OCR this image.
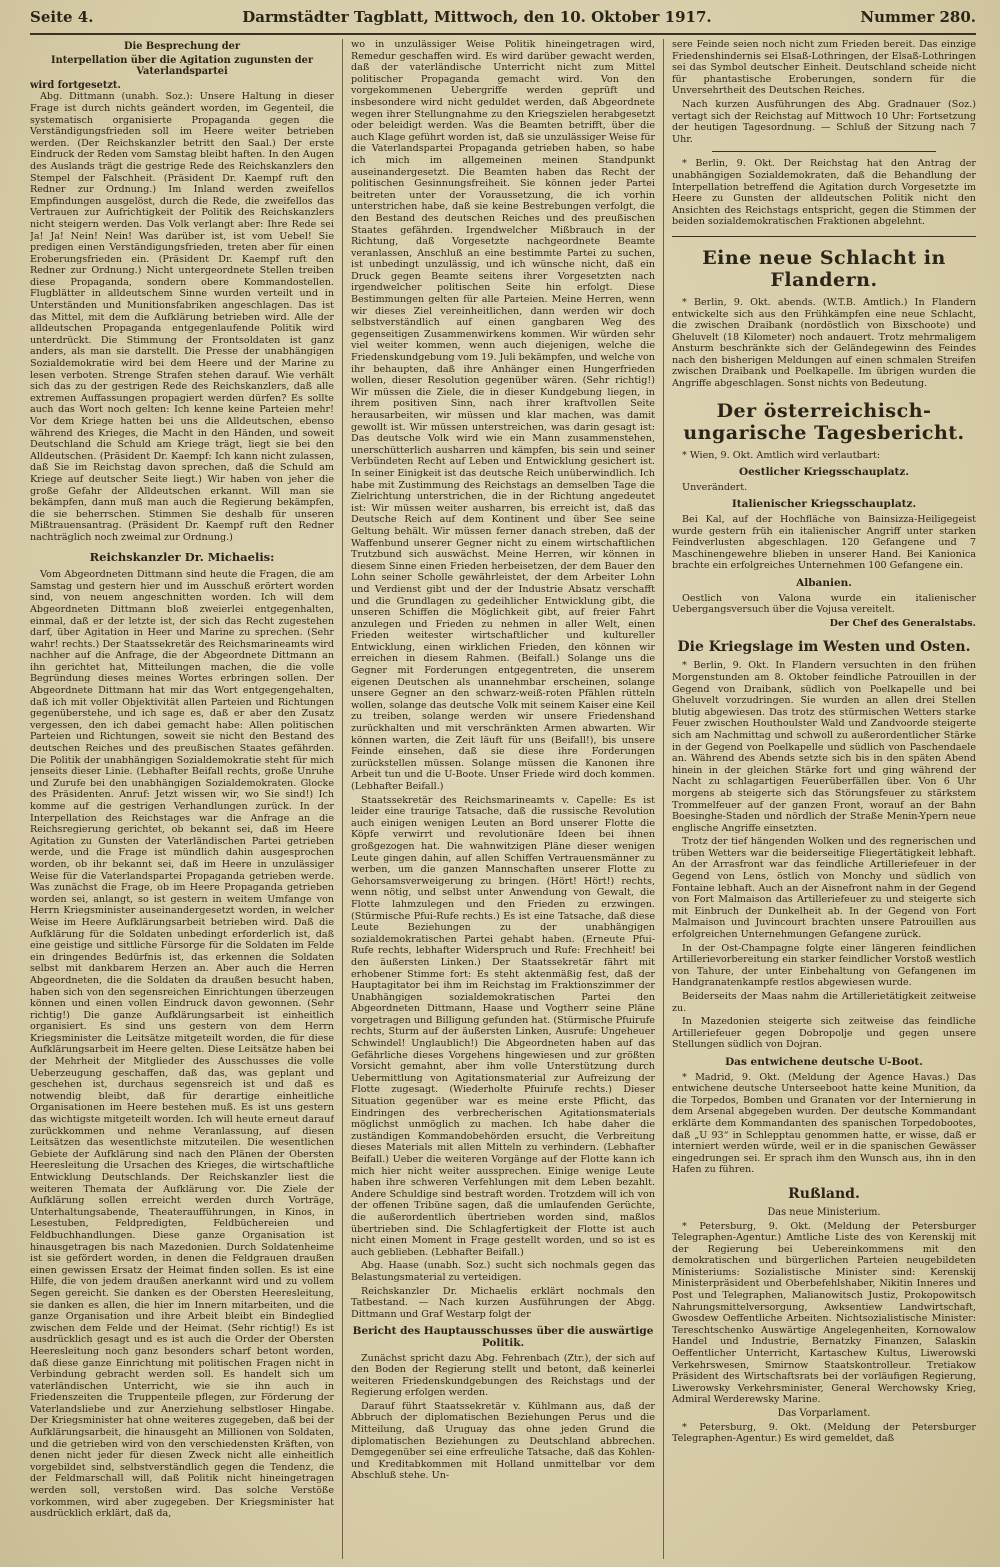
Seite 4.	Darmstädter Tagblatt, Mittwoch, den 10. Oktober 1917.	Nummer 280.
Die Besprechung der
Interpellation über die Agitation zugunsten der Vaterlandspartei
wird fortgesetzt.

Abg. Dittmann (unabh. Soz.): Unsere Haltung in dieser Frage ist durch nichts geändert worden, im Gegenteil, die systematisch organisierte Propaganda gegen die Verständigungsfrieden soll im Heere weiter betrieben werden. (Der Reichskanzler betritt den Saal.) Der erste Eindruck der Reden vom Samstag bleibt haften. In den Augen des Auslands trägt die gestrige Rede des Reichskanzlers den Stempel der Falschheit. (Präsident Dr. Kaempf ruft den Redner zur Ordnung.) Im Inland werden zweifellos Empfindungen ausgelöst, durch die Rede, die zweifellos das Vertrauen zur Aufrichtigkeit der Politik des Reichskanzlers nicht steigern werden. Das Volk verlangt aber: Ihre Rede sei Ja! Ja! Nein! Nein! Was darüber ist, ist vom Uebel! Sie predigen einen Verständigungsfrieden, treten aber für einen Eroberungsfrieden ein. (Präsident Dr. Kaempf ruft den Redner zur Ordnung.) Nicht untergeordnete Stellen treiben diese Propaganda, sondern obere Kommandostellen. Flugblätter in alldeutschem Sinne wurden verteilt und in Unterständen und Munitionsfabriken angeschlagen. Das ist das Mittel, mit dem die Aufklärung betrieben wird. Alle der alldeutschen Propaganda entgegenlaufende Politik wird unterdrückt. Die Stimmung der Frontsoldaten ist ganz anders, als man sie darstellt. Die Presse der unabhängigen Sozialdemokratie wird bei dem Heere und der Marine zu lesen verboten. Strenge Strafen stehen darauf. Wie verhält sich das zu der gestrigen Rede des Reichskanzlers, daß alle extremen Auffassungen propagiert werden dürfen? Es sollte auch das Wort noch gelten: Ich kenne keine Parteien mehr! Vor dem Kriege hatten bei uns die Alldeutschen, ebenso während des Krieges, die Macht in den Händen, und soweit Deutschland die Schuld am Kriege trägt, liegt sie bei den Alldeutschen. (Präsident Dr. Kaempf: Ich kann nicht zulassen, daß Sie im Reichstag davon sprechen, daß die Schuld am Kriege auf deutscher Seite liegt.) Wir haben von jeher die große Gefahr der Alldeutschen erkannt. Will man sie bekämpfen, dann muß man auch die Regierung bekämpfen, die sie beherrschen. Stimmen Sie deshalb für unseren Mißtrauensantrag. (Präsident Dr. Kaempf ruft den Redner nachträglich noch zweimal zur Ordnung.)

Reichskanzler Dr. Michaelis:

Vom Abgeordneten Dittmann sind heute die Fragen, die am Samstag und gestern hier und im Ausschuß erörtert worden sind, von neuem angeschnitten worden. Ich will dem Abgeordneten Dittmann bloß zweierlei entgegenhalten, einmal, daß er der letzte ist, der sich das Recht zugestehen darf, über Agitation in Heer und Marine zu sprechen. (Sehr wahr! rechts.) Der Staatssekretär des Reichsmarineamts wird nachher auf die Anfrage, die der Abgeordnete Dittmann an ihn gerichtet hat, Mitteilungen machen, die die volle Begründung dieses meines Wortes erbringen sollen. Der Abgeordnete Dittmann hat mir das Wort entgegengehalten, daß ich mit voller Objektivität allen Parteien und Richtungen gegenüberstehe, und ich sage es, daß er aber den Zusatz vergessen, den ich dabei gemacht habe: Allen politischen Parteien und Richtungen, soweit sie nicht den Bestand des deutschen Reiches und des preußischen Staates gefährden. Die Politik der unabhängigen Sozialdemokratie steht für mich jenseits dieser Linie. (Lebhafter Beifall rechts, große Unruhe und Zurufe bei den unabhängigen Sozialdemokraten. Glocke des Präsidenten. Anruf: Jetzt wissen wir, wo Sie sind!) Ich komme auf die gestrigen Verhandlungen zurück. In der Interpellation des Reichstages war die Anfrage an die Reichsregierung gerichtet, ob bekannt sei, daß im Heere Agitation zu Gunsten der Vaterländischen Partei getrieben werde, und die Frage ist mündlich dahin ausgesprochen worden, ob ihr bekannt sei, daß im Heere in unzulässiger Weise für die Vaterlandspartei Propaganda getrieben werde. Was zunächst die Frage, ob im Heere Propaganda getrieben worden sei, anlangt, so ist gestern in weitem Umfange von Herrn Kriegsminister auseinandergesetzt worden, in welcher Weise im Heere Aufklärungsarbeit betrieben wird. Daß die Aufklärung für die Soldaten unbedingt erforderlich ist, daß eine geistige und sittliche Fürsorge für die Soldaten im Felde ein dringendes Bedürfnis ist, das erkennen die Soldaten selbst mit dankbarem Herzen an. Aber auch die Herren Abgeordneten, die die Soldaten da draußen besucht haben, haben sich von den segensreichen Einrichtungen überzeugen können und einen vollen Eindruck davon gewonnen. (Sehr richtig!) Die ganze Aufklärungsarbeit ist einheitlich organisiert. Es sind uns gestern von dem Herrn Kriegsminister die Leitsätze mitgeteilt worden, die für diese Aufklärungsarbeit im Heere gelten. Diese Leitsätze haben bei der Mehrheit der Mitglieder des Ausschusses die volle Ueberzeugung geschaffen, daß das, was geplant und geschehen ist, durchaus segensreich ist und daß es notwendig bleibt, daß für derartige einheitliche Organisationen im Heere bestehen muß. Es ist uns gestern das wichtigste mitgeteilt worden. Ich will heute erneut darauf zurückkommen und nehme Veranlassung, auf diesen Leitsätzen das wesentlichste mitzuteilen. Die wesentlichen Gebiete der Aufklärung sind nach den Plänen der Obersten Heeresleitung die Ursachen des Krieges, die wirtschaftliche Entwicklung Deutschlands. Der Reichskanzler liest die weiteren Themata der Aufklärung vor. Die Ziele der Aufklärung sollen erreicht werden durch Vorträge, Unterhaltungsabende, Theateraufführungen, in Kinos, in Lesestuben, Feldpredigten, Feldbüchereien und Feldbuchhandlungen. Diese ganze Organisation ist hinausgetragen bis nach Mazedonien. Durch Soldatenheime ist sie gefördert worden, in denen die Feldgrauen draußen einen gewissen Ersatz der Heimat finden sollen. Es ist eine Hilfe, die von jedem draußen anerkannt wird und zu vollem Segen gereicht. Sie danken es der Obersten Heeresleitung, sie danken es allen, die hier im Innern mitarbeiten, und die ganze Organisation und ihre Arbeit bleibt ein Bindeglied zwischen dem Felde und der Heimat. (Sehr richtig!) Es ist ausdrücklich gesagt und es ist auch die Order der Obersten Heeresleitung noch ganz besonders scharf betont worden, daß diese ganze Einrichtung mit politischen Fragen nicht in Verbindung gebracht werden soll. Es handelt sich um vaterländischen Unterricht, wie sie ihn auch in Friedenszeiten die Truppenteile pflegen, zur Förderung der Vaterlandsliebe und zur Anerziehung selbstloser Hingabe. Der Kriegsminister hat ohne weiteres zugegeben, daß bei der Aufklärungsarbeit, die hinausgeht an Millionen von Soldaten, und die getrieben wird von den verschiedensten Kräften, von denen nicht jeder für diesen Zweck nicht alle einheitlich vorgebildet sind, selbstverständlich gegen die Tendenz, die der Feldmarschall will, daß Politik nicht hineingetragen werden soll, verstoßen wird. Das solche Verstöße vorkommen, wird aber zugegeben. Der Kriegsminister hat ausdrücklich erklärt, daß da,

wo in unzulässiger Weise Politik hineingetragen wird, Remedur geschaffen wird. Es wird darüber gewacht werden, daß der vaterländische Unterricht nicht zum Mittel politischer Propaganda gemacht wird. Von den vorgekommenen Uebergriffe werden geprüft und insbesondere wird nicht geduldet werden, daß Abgeordnete wegen ihrer Stellungnahme zu den Kriegszielen herabgesetzt oder beleidigt werden. Was die Beamten betrifft, über die auch Klage geführt worden ist, daß sie unzulässiger Weise für die Vaterlandspartei Propaganda getrieben haben, so habe ich mich im allgemeinen meinen Standpunkt auseinandergesetzt. Die Beamten haben das Recht der politischen Gesinnungsfreiheit. Sie können jeder Partei beitreten unter der Voraussetzung, die ich vorhin unterstrichen habe, daß sie keine Bestrebungen verfolgt, die den Bestand des deutschen Reiches und des preußischen Staates gefährden. Irgendwelcher Mißbrauch in der Richtung, daß Vorgesetzte nachgeordnete Beamte veranlassen, Anschluß an eine bestimmte Partei zu suchen, ist unbedingt unzulässig, und ich wünsche nicht, daß ein Druck gegen Beamte seitens ihrer Vorgesetzten nach irgendwelcher politischen Seite hin erfolgt. Diese Bestimmungen gelten für alle Parteien. Meine Herren, wenn wir dieses Ziel vereinheitlichen, dann werden wir doch selbstverständlich auf einen gangbaren Weg des gegenseitigen Zusammenwirkens kommen. Wir würden sehr viel weiter kommen, wenn auch diejenigen, welche die Friedenskundgebung vom 19. Juli bekämpfen, und welche von ihr behaupten, daß ihre Anhänger einen Hungerfrieden wollen, dieser Resolution gegenüber wären. (Sehr richtig!) Wir müssen die Ziele, die in dieser Kundgebung liegen, in ihrem positiven Sinn, nach ihrer kraftvollen Seite herausarbeiten, wir müssen und klar machen, was damit gewollt ist. Wir müssen unterstreichen, was darin gesagt ist: Das deutsche Volk wird wie ein Mann zusammenstehen, unerschütterlich ausharren und kämpfen, bis sein und seiner Verbündeten Recht auf Leben und Entwicklung gesichert ist. In seiner Einigkeit ist das deutsche Reich unüberwindlich. Ich habe mit Zustimmung des Reichstags an demselben Tage die Zielrichtung unterstrichen, die in der Richtung angedeutet ist: Wir müssen weiter ausharren, bis erreicht ist, daß das Deutsche Reich auf dem Kontinent und über See seine Geltung behält. Wir müssen ferner danach streben, daß der Waffenbund unserer Gegner nicht zu einem wirtschaftlichen Trutzbund sich auswächst. Meine Herren, wir können in diesem Sinne einen Frieden herbeisetzen, der dem Bauer den Lohn seiner Scholle gewährleistet, der dem Arbeiter Lohn und Verdienst gibt und der der Industrie Absatz verschafft und die Grundlagen zu gedeihlicher Entwicklung gibt, die unseren Schiffen die Möglichkeit gibt, auf freier Fahrt anzulegen und Frieden zu nehmen in aller Welt, einen Frieden weitester wirtschaftlicher und kultureller Entwicklung, einen wirklichen Frieden, den können wir erreichen in diesem Rahmen. (Beifall.) Solange uns die Gegner mit Forderungen entgegentreten, die unserem eigenen Deutschen als unannehmbar erscheinen, solange unsere Gegner an den schwarz-weiß-roten Pfählen rütteln wollen, solange das deutsche Volk mit seinem Kaiser eine Keil zu treiben, solange werden wir unsere Friedenshand zurückhalten und mit verschränkten Armen abwarten. Wir können warten, die Zeit läuft für uns (Beifall!), bis unsere Feinde einsehen, daß sie diese ihre Forderungen zurückstellen müssen. Solange müssen die Kanonen ihre Arbeit tun und die U-Boote. Unser Friede wird doch kommen. (Lebhafter Beifall.)

Staatssekretär des Reichsmarineamts v. Capelle: Es ist leider eine traurige Tatsache, daß die russische Revolution auch einigen wenigen Leuten an Bord unserer Flotte die Köpfe verwirrt und revolutionäre Ideen bei ihnen großgezogen hat. Die wahnwitzigen Pläne dieser wenigen Leute gingen dahin, auf allen Schiffen Vertrauensmänner zu werben, um die ganzen Mannschaften unserer Flotte zu Gehorsamsverweigerung zu bringen. (Hört! Hört!) rechts, wenn nötig, und selbst unter Anwendung von Gewalt, die Flotte lahmzulegen und den Frieden zu erzwingen. (Stürmische Pfui-Rufe rechts.) Es ist eine Tatsache, daß diese Leute Beziehungen zu der unabhängigen sozialdemokratischen Partei gehabt haben. (Erneute Pfui-Rufe rechts, lebhafter Widerspruch und Rufe: Frechheit! bei den äußersten Linken.) Der Staatssekretär fährt mit erhobener Stimme fort: Es steht aktenmäßig fest, daß der Hauptagitator bei ihm im Reichstag im Fraktionszimmer der Unabhängigen sozialdemokratischen Partei den Abgeordneten Dittmann, Haase und Vogtherr seine Pläne vorgetragen und Billigung gefunden hat. (Stürmische Pfuirufe rechts, Sturm auf der äußersten Linken, Ausrufe: Ungeheuer Schwindel! Unglaublich!) Die Abgeordneten haben auf das Gefährliche dieses Vorgehens hingewiesen und zur größten Vorsicht gemahnt, aber ihm volle Unterstützung durch Uebermittlung von Agitationsmaterial zur Aufreizung der Flotte zugesagt. (Wiederholte Pfuirufe rechts.) Dieser Situation gegenüber war es meine erste Pflicht, das Eindringen des verbrecherischen Agitationsmaterials möglichst unmöglich zu machen. Ich habe daher die zuständigen Kommandobehörden ersucht, die Verbreitung dieses Materials mit allen Mitteln zu verhindern. (Lebhafter Beifall.) Ueber die weiteren Vorgänge auf der Flotte kann ich mich hier nicht weiter aussprechen. Einige wenige Leute haben ihre schweren Verfehlungen mit dem Leben bezahlt. Andere Schuldige sind bestraft worden. Trotzdem will ich von der offenen Tribüne sagen, daß die umlaufenden Gerüchte, die außerordentlich übertrieben worden sind, maßlos übertrieben sind. Die Schlagfertigkeit der Flotte ist auch nicht einen Moment in Frage gestellt worden, und so ist es auch geblieben. (Lebhafter Beifall.)

Abg. Haase (unabh. Soz.) sucht sich nochmals gegen das Belastungsmaterial zu verteidigen.

Reichskanzler Dr. Michaelis erklärt nochmals den Tatbestand. — Nach kurzen Ausführungen der Abgg. Dittmann und Graf Westarp folgt der

Bericht des Hauptausschusses über die auswärtige Politik.

Zunächst spricht dazu Abg. Fehrenbach (Ztr.), der sich auf den Boden der Regierung stellt und betont, daß keinerlei weiteren Friedenskundgebungen des Reichstags und der Regierung erfolgen werden.

Darauf führt Staatssekretär v. Kühlmann aus, daß der Abbruch der diplomatischen Beziehungen Perus und die Mitteilung, daß Uruguay das ohne jeden Grund die diplomatischen Beziehungen zu Deutschland abbrechen. Demgegenüber sei eine erfreuliche Tatsache, daß das Kohlen- und Kreditabkommen mit Holland unmittelbar vor dem Abschluß stehe. Un-

sere Feinde seien noch nicht zum Frieden bereit. Das einzige Friedenshindernis sei Elsaß-Lothringen, der Elsaß-Lothringen sei das Symbol deutscher Einheit. Deutschland scheide nicht für phantastische Eroberungen, sondern für die Unversehrtheit des Deutschen Reiches.

Nach kurzen Ausführungen des Abg. Gradnauer (Soz.) vertagt sich der Reichstag auf Mittwoch 10 Uhr: Fortsetzung der heutigen Tagesordnung. — Schluß der Sitzung nach 7 Uhr.

* Berlin, 9. Okt. Der Reichstag hat den Antrag der unabhängigen Sozialdemokraten, daß die Behandlung der Interpellation betreffend die Agitation durch Vorgesetzte im Heere zu Gunsten der alldeutschen Politik nicht den Ansichten des Reichstags entspricht, gegen die Stimmen der beiden sozialdemokratischen Fraktionen abgelehnt.

Eine neue Schlacht in Flandern.

* Berlin, 9. Okt. abends. (W.T.B. Amtlich.) In Flandern entwickelte sich aus den Frühkämpfen eine neue Schlacht, die zwischen Draibank (nordöstlich von Bixschoote) und Gheluvelt (18 Kilometer) noch andauert. Trotz mehrmaligem Ansturm beschränkte sich der Geländegewinn des Feindes nach den bisherigen Meldungen auf einen schmalen Streifen zwischen Draibank und Poelkapelle. Im übrigen wurden die Angriffe abgeschlagen. Sonst nichts von Bedeutung.

Der österreichisch-ungarische Tagesbericht.

* Wien, 9. Okt. Amtlich wird verlautbart:

Oestlicher Kriegsschauplatz.

Unverändert.

Italienischer Kriegsschauplatz.

Bei Kal, auf der Hochfläche von Bainsizza-Heiligegeist wurde gestern früh ein italienischer Angriff unter starken Feindverlusten abgeschlagen. 120 Gefangene und 7 Maschinengewehre blieben in unserer Hand. Bei Kanionica brachte ein erfolgreiches Unternehmen 100 Gefangene ein.

Albanien.

Oestlich von Valona wurde ein italienischer Uebergangsversuch über die Vojusa vereitelt.

Der Chef des Generalstabs.
Die Kriegslage im Westen und Osten.

* Berlin, 9. Okt. In Flandern versuchten in den frühen Morgenstunden am 8. Oktober feindliche Patrouillen in der Gegend von Draibank, südlich von Poelkapelle und bei Gheluvelt vorzudringen. Sie wurden an allen drei Stellen blutig abgewiesen. Das trotz des stürmischen Wetters starke Feuer zwischen Houthoulster Wald und Zandvoorde steigerte sich am Nachmittag und schwoll zu außerordentlicher Stärke in der Gegend von Poelkapelle und südlich von Paschendaele an. Während des Abends setzte sich bis in den späten Abend hinein in der gleichen Stärke fort und ging während der Nacht zu schlagartigen Feuerüberfällen über. Von 6 Uhr morgens ab steigerte sich das Störungsfeuer zu stärkstem Trommelfeuer auf der ganzen Front, worauf an der Bahn Boesinghe-Staden und nördlich der Straße Menin-Ypern neue englische Angriffe einsetzten.

Trotz der tief hängenden Wolken und des regnerischen und trüben Wetters war die beiderseitige Fliegertätigkeit lebhaft. An der Arrasfront war das feindliche Artilleriefeuer in der Gegend von Lens, östlich von Monchy und südlich von Fontaine lebhaft. Auch an der Aisnefront nahm in der Gegend von Fort Malmaison das Artilleriefeuer zu und steigerte sich mit Einbruch der Dunkelheit ab. In der Gegend von Fort Malmaison und Juvincourt brachten unsere Patrouillen aus erfolgreichen Unternehmungen Gefangene zurück.

In der Ost-Champagne folgte einer längeren feindlichen Artillerievorbereitung ein starker feindlicher Vorstoß westlich von Tahure, der unter Einbehaltung von Gefangenen im Handgranatenkampfe restlos abgewiesen wurde.

Beiderseits der Maas nahm die Artillerietätigkeit zeitweise zu.

In Mazedonien steigerte sich zeitweise das feindliche Artilleriefeuer gegen Dobropolje und gegen unsere Stellungen südlich von Dojran.

Das entwichene deutsche U-Boot.

* Madrid, 9. Okt. (Meldung der Agence Havas.) Das entwichene deutsche Unterseeboot hatte keine Munition, da die Torpedos, Bomben und Granaten vor der Internierung in dem Arsenal abgegeben wurden. Der deutsche Kommandant erklärte dem Kommandanten des spanischen Torpedobootes, daß „U 93“ in Schlepptau genommen hatte, er wisse, daß er interniert werden würde, weil er in die spanischen Gewässer eingedrungen sei. Er sprach ihm den Wunsch aus, ihn in den Hafen zu führen.

Rußland.
Das neue Ministerium.

* Petersburg, 9. Okt. (Meldung der Petersburger Telegraphen-Agentur.) Amtliche Liste des von Kerenskij mit der Regierung bei Uebereinkommens mit den demokratischen und bürgerlichen Parteien neugebildeten Ministeriums: Sozialistische Minister sind: Kerenskij Ministerpräsident und Oberbefehlshaber, Nikitin Inneres und Post und Telegraphen, Malianowitsch Justiz, Prokopowitsch Nahrungsmittelversorgung, Awksentiew Landwirtschaft, Gwosdew Oeffentliche Arbeiten. Nichtsozialistische Minister: Tereschtschenko Auswärtige Angelegenheiten, Kornowalow Handel und Industrie, Bernatzky Finanzen, Salaskin Oeffentlicher Unterricht, Kartaschew Kultus, Liwerowski Verkehrswesen, Smirnow Staatskontrolleur. Tretiakow Präsident des Wirtschaftsrats bei der vorläufigen Regierung, Liwerowsky Verkehrsminister, General Werchowsky Krieg, Admiral Werderewsky Marine.

Das Vorparlament.

* Petersburg, 9. Okt. (Meldung der Petersburger Telegraphen-Agentur.) Es wird gemeldet, daß
